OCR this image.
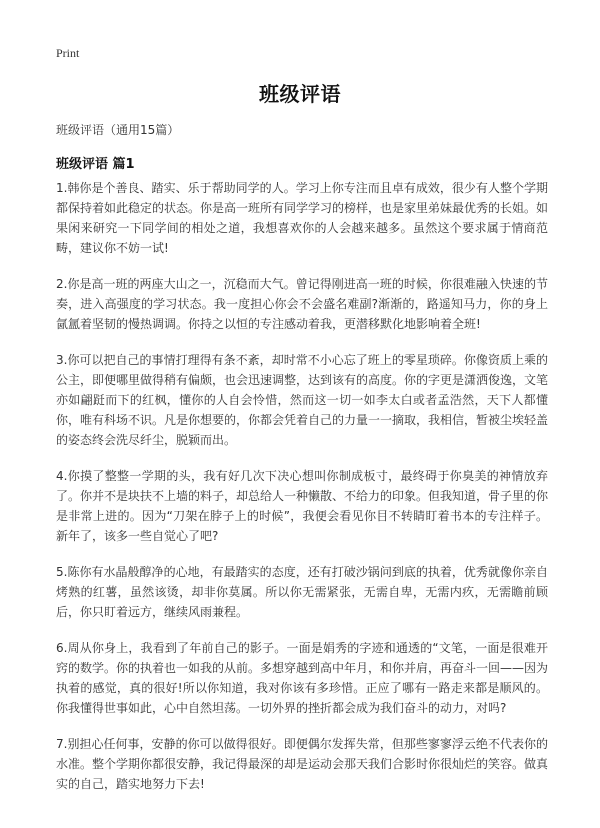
Print
班级评语
班级评语（通用15篇）
班级评语 篇1

1.韩你是个善良、踏实、乐于帮助同学的人。学习上你专注而且卓有成效，很少有人整个学期都保持着如此稳定的状态。你是高一班所有同学学习的榜样，也是家里弟妹最优秀的长姐。如果闲来研究一下同学间的相处之道，我想喜欢你的人会越来越多。虽然这个要求属于情商范畴，建议你不妨一试!

2.你是高一班的两座大山之一，沉稳而大气。曾记得刚进高一班的时候，你很难融入快速的节奏，进入高强度的学习状态。我一度担心你会不会盛名难副?渐渐的，路遥知马力，你的身上氤氲着坚韧的慢热调调。你持之以恒的专注感动着我，更潜移默化地影响着全班!

3.你可以把自己的事情打理得有条不紊，却时常不小心忘了班上的零星琐碎。你像资质上乘的公主，即便哪里做得稍有偏颇，也会迅速调整，达到该有的高度。你的字更是潇洒俊逸，文笔亦如翩跹而下的红枫，懂你的人自会怜惜，然而这一切一如李太白或者孟浩然，天下人都懂你，唯有科场不识。凡是你想要的，你都会凭着自己的力量一一摘取，我相信，暂被尘埃轻盖的姿态终会洗尽纤尘，脱颖而出。

4.你摸了整整一学期的头，我有好几次下决心想叫你制成板寸，最终碍于你臭美的神情放弃了。你并不是块扶不上墙的料子，却总给人一种懒散、不给力的印象。但我知道，骨子里的你是非常上进的。因为“刀架在脖子上的时候”，我便会看见你目不转睛盯着书本的专注样子。新年了，该多一些自觉心了吧?

5.陈你有水晶般醇净的心地，有最踏实的态度，还有打破沙锅问到底的执着，优秀就像你亲自烤熟的红薯，虽然该烫，却非你莫属。所以你无需紧张，无需自卑，无需内疚，无需瞻前顾后，你只盯着远方，继续风雨兼程。

6.周从你身上，我看到了年前自己的影子。一面是娟秀的字迹和通透的“文笔，一面是很难开窍的数学。你的执着也一如我的从前。多想穿越到高中年月，和你并肩，再奋斗一回——因为执着的感觉，真的很好!所以你知道，我对你该有多珍惜。正应了哪有一路走来都是顺风的。你我懂得世事如此，心中自然坦荡。一切外界的挫折都会成为我们奋斗的动力，对吗?

7.别担心任何事，安静的你可以做得很好。即便偶尔发挥失常，但那些寥寥浮云绝不代表你的水准。整个学期你都很安静，我记得最深的却是运动会那天我们合影时你很灿烂的笑容。做真实的自己，踏实地努力下去!
